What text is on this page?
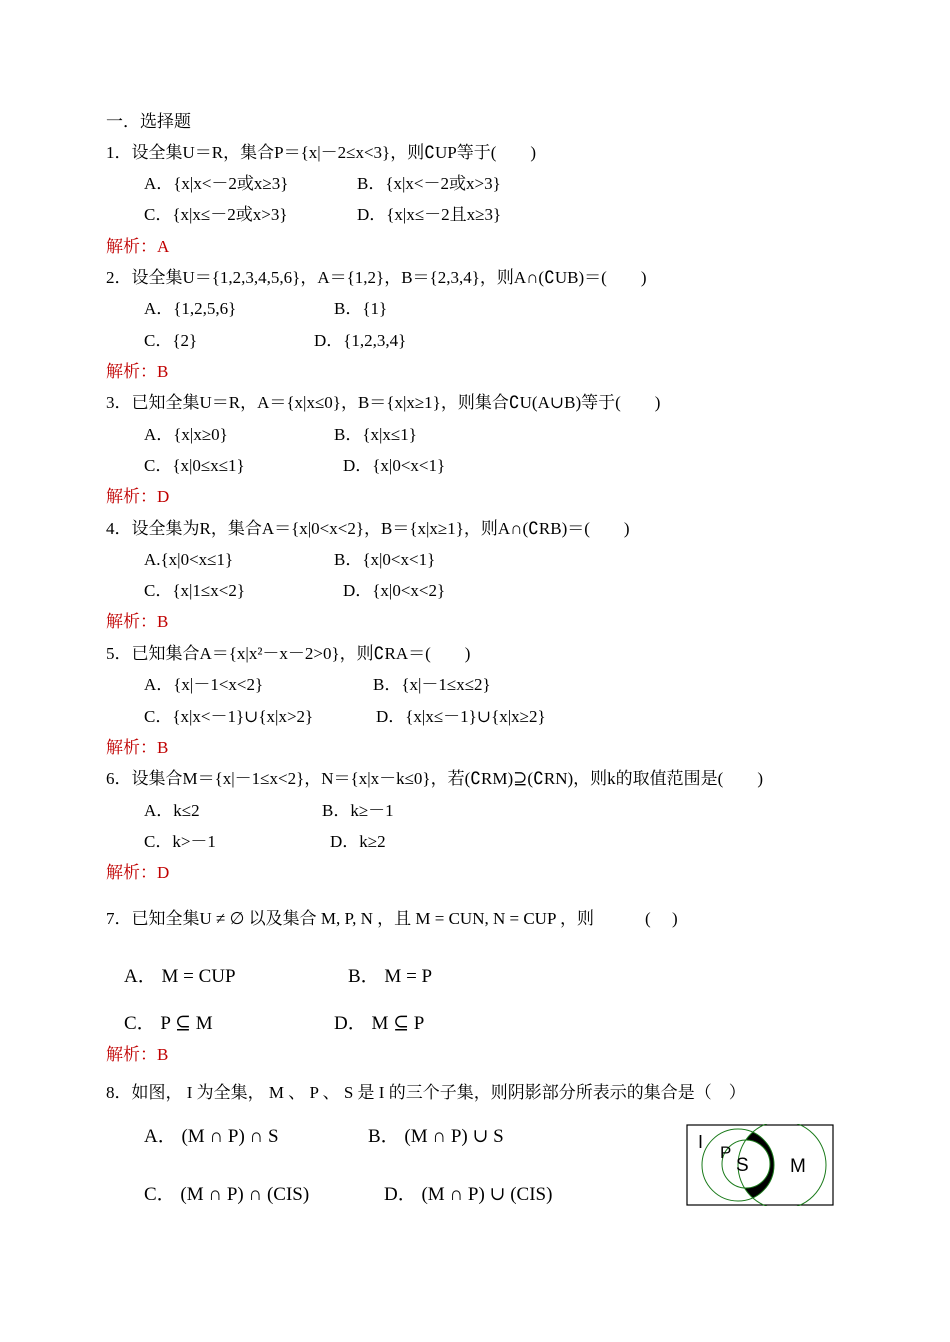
一．选择题
1．设全集U＝R，集合P＝{x|－2≤x<3}，则∁UP等于(　　)
A．{x|x<－2或x≥3}	B．{x|x<－2或x>3}
C．{x|x≤－2或x>3}	D．{x|x≤－2且x≥3}
解析：A
2．设全集U＝{1,2,3,4,5,6}，A＝{1,2}，B＝{2,3,4}，则A∩(∁UB)＝(　　)
A．{1,2,5,6}	B．{1}
C．{2}	D．{1,2,3,4}
解析：B
3．已知全集U＝R，A＝{x|x≤0}，B＝{x|x≥1}，则集合∁U(A∪B)等于(　　)
A．{x|x≥0}	B．{x|x≤1}
C．{x|0≤x≤1}	D．{x|0<x<1}
解析：D
4．设全集为R，集合A＝{x|0<x<2}，B＝{x|x≥1}，则A∩(∁RB)＝(　　)
A.{x|0<x≤1}	B．{x|0<x<1}
C．{x|1≤x<2}	D．{x|0<x<2}
解析：B
5．已知集合A＝{x|x²－x－2>0}，则∁RA＝(　　)
A．{x|－1<x<2}	B．{x|－1≤x≤2}
C．{x|x<－1}∪{x|x>2}	D．{x|x≤－1}∪{x|x≥2}
解析：B
6．设集合M＝{x|－1≤x<2}，N＝{x|x－k≤0}，若(∁RM)⊇(∁RN)，则k的取值范围是(　　)
A．k≤2	B．k≥－1
C．k>－1	D．k≥2
解析：D
7．已知全集U ≠ ∅ 以及集合 M, P, N ，且 M = CUN, N = CUP ，则　　　(　 )
A． M = CUP	B． M = P
C． P ⊆ M	D． M ⊆ P
解析：B
8．如图， I 为全集， M 、 P 、 S 是 I 的三个子集，则阴影部分所表示的集合是（　）
A． (M ∩ P) ∩ S	B． (M ∩ P) ∪ S
C． (M ∩ P) ∩ (CIS)	D． (M ∩ P) ∪ (CIS)
I
P
S M
